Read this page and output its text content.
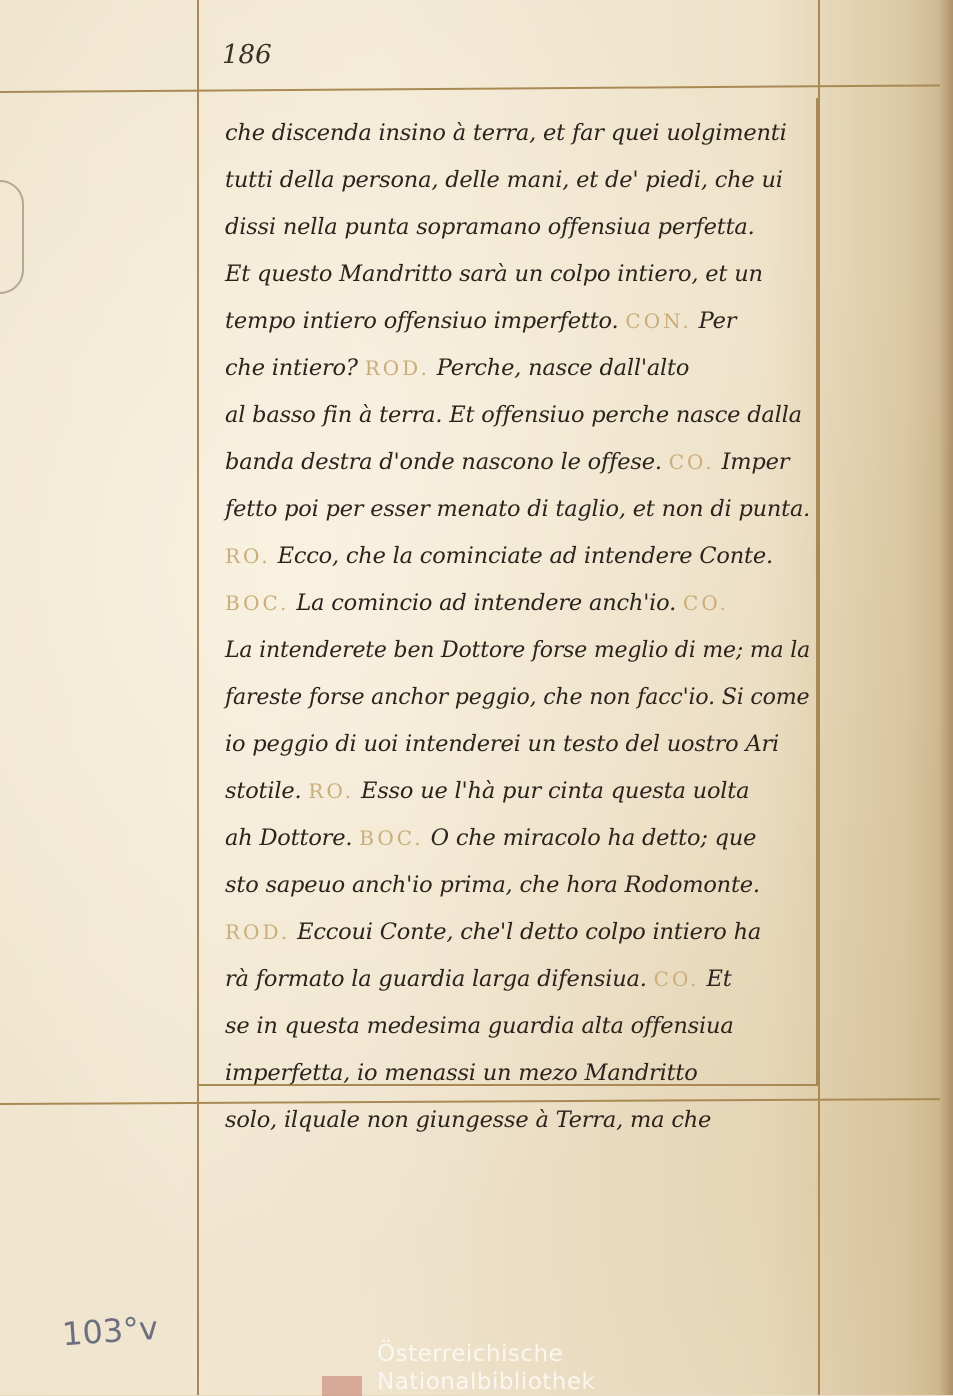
186
che discenda insino à terra, et far quei uolgimenti
tutti della persona, delle mani, et de' piedi, che ui
dissi nella punta sopramano offensiua perfetta.
Et questo Mandritto sarà un colpo intiero, et un
tempo intiero offensiuo imperfetto. CON. Per
che intiero? ROD. Perche, nasce dall'alto
al basso fin à terra. Et offensiuo perche nasce dalla
banda destra d'onde nascono le offese. CO. Imper
fetto poi per esser menato di taglio, et non di punta.
RO. Ecco, che la cominciate ad intendere Conte.
BOC. La comincio ad intendere anch'io. CO.
La intenderete ben Dottore forse meglio di me; ma la
fareste forse anchor peggio, che non facc'io. Si come
io peggio di uoi intenderei un testo del uostro Ari
stotile. RO. Esso ue l'hà pur cinta questa uolta
ah Dottore. BOC. O che miracolo ha detto; que
sto sapeuo anch'io prima, che hora Rodomonte.
ROD. Eccoui Conte, che'l detto colpo intiero ha
rà formato la guardia larga difensiua. CO. Et
se in questa medesima guardia alta offensiua
imperfetta, io menassi un mezo Mandritto
solo, ilquale non giungesse à Terra, ma che
103°v
Österreichische
Nationalbibliothek
